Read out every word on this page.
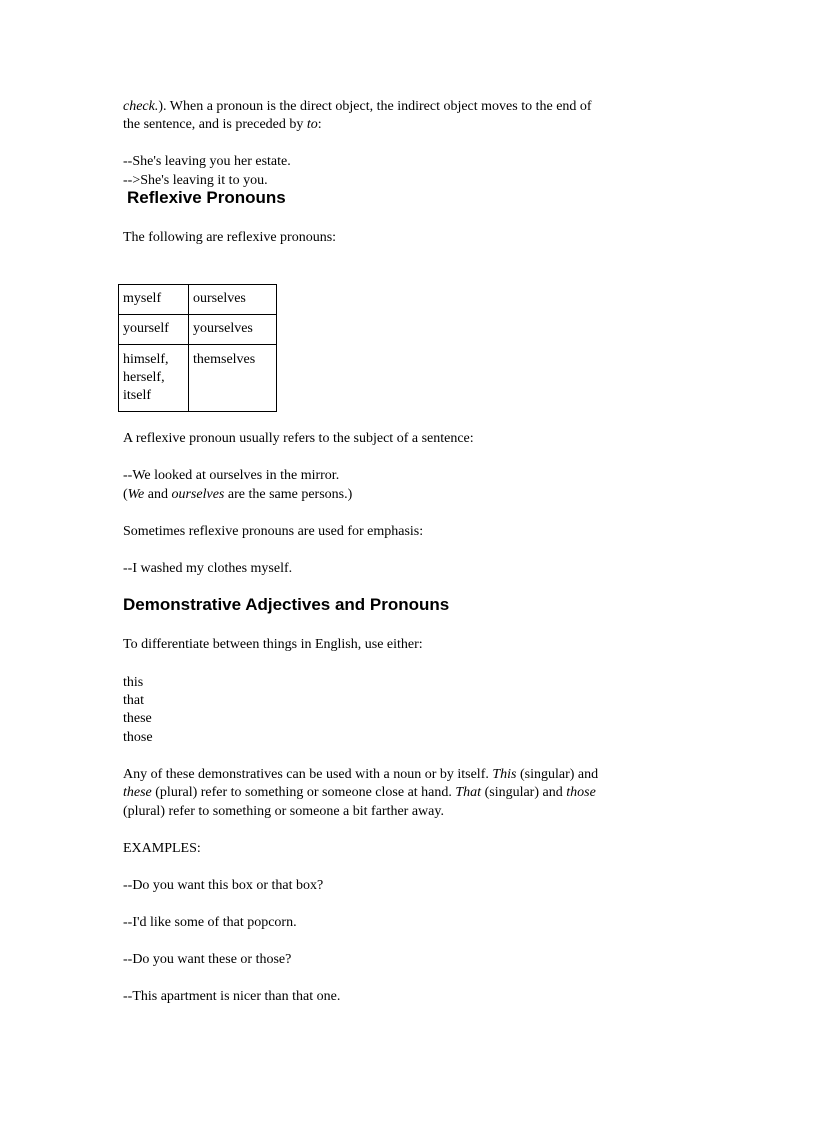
check.). When a pronoun is the direct object, the indirect object moves to the end of
the sentence, and is preceded by to:
--She's leaving you her estate.
-->She's leaving it to you.
Reflexive Pronouns
The following are reflexive pronouns:
myself	ourselves
yourself	yourselves
himself,
herself,
itself	themselves
A reflexive pronoun usually refers to the subject of a sentence:
--We looked at ourselves in the mirror.
(We and ourselves are the same persons.)
Sometimes reflexive pronouns are used for emphasis:
--I washed my clothes myself.
Demonstrative Adjectives and Pronouns
To differentiate between things in English, use either:
this
that
these
those
Any of these demonstratives can be used with a noun or by itself. This (singular) and
these (plural) refer to something or someone close at hand. That (singular) and those
(plural) refer to something or someone a bit farther away.
EXAMPLES:
--Do you want this box or that box?
--I'd like some of that popcorn.
--Do you want these or those?
--This apartment is nicer than that one.
